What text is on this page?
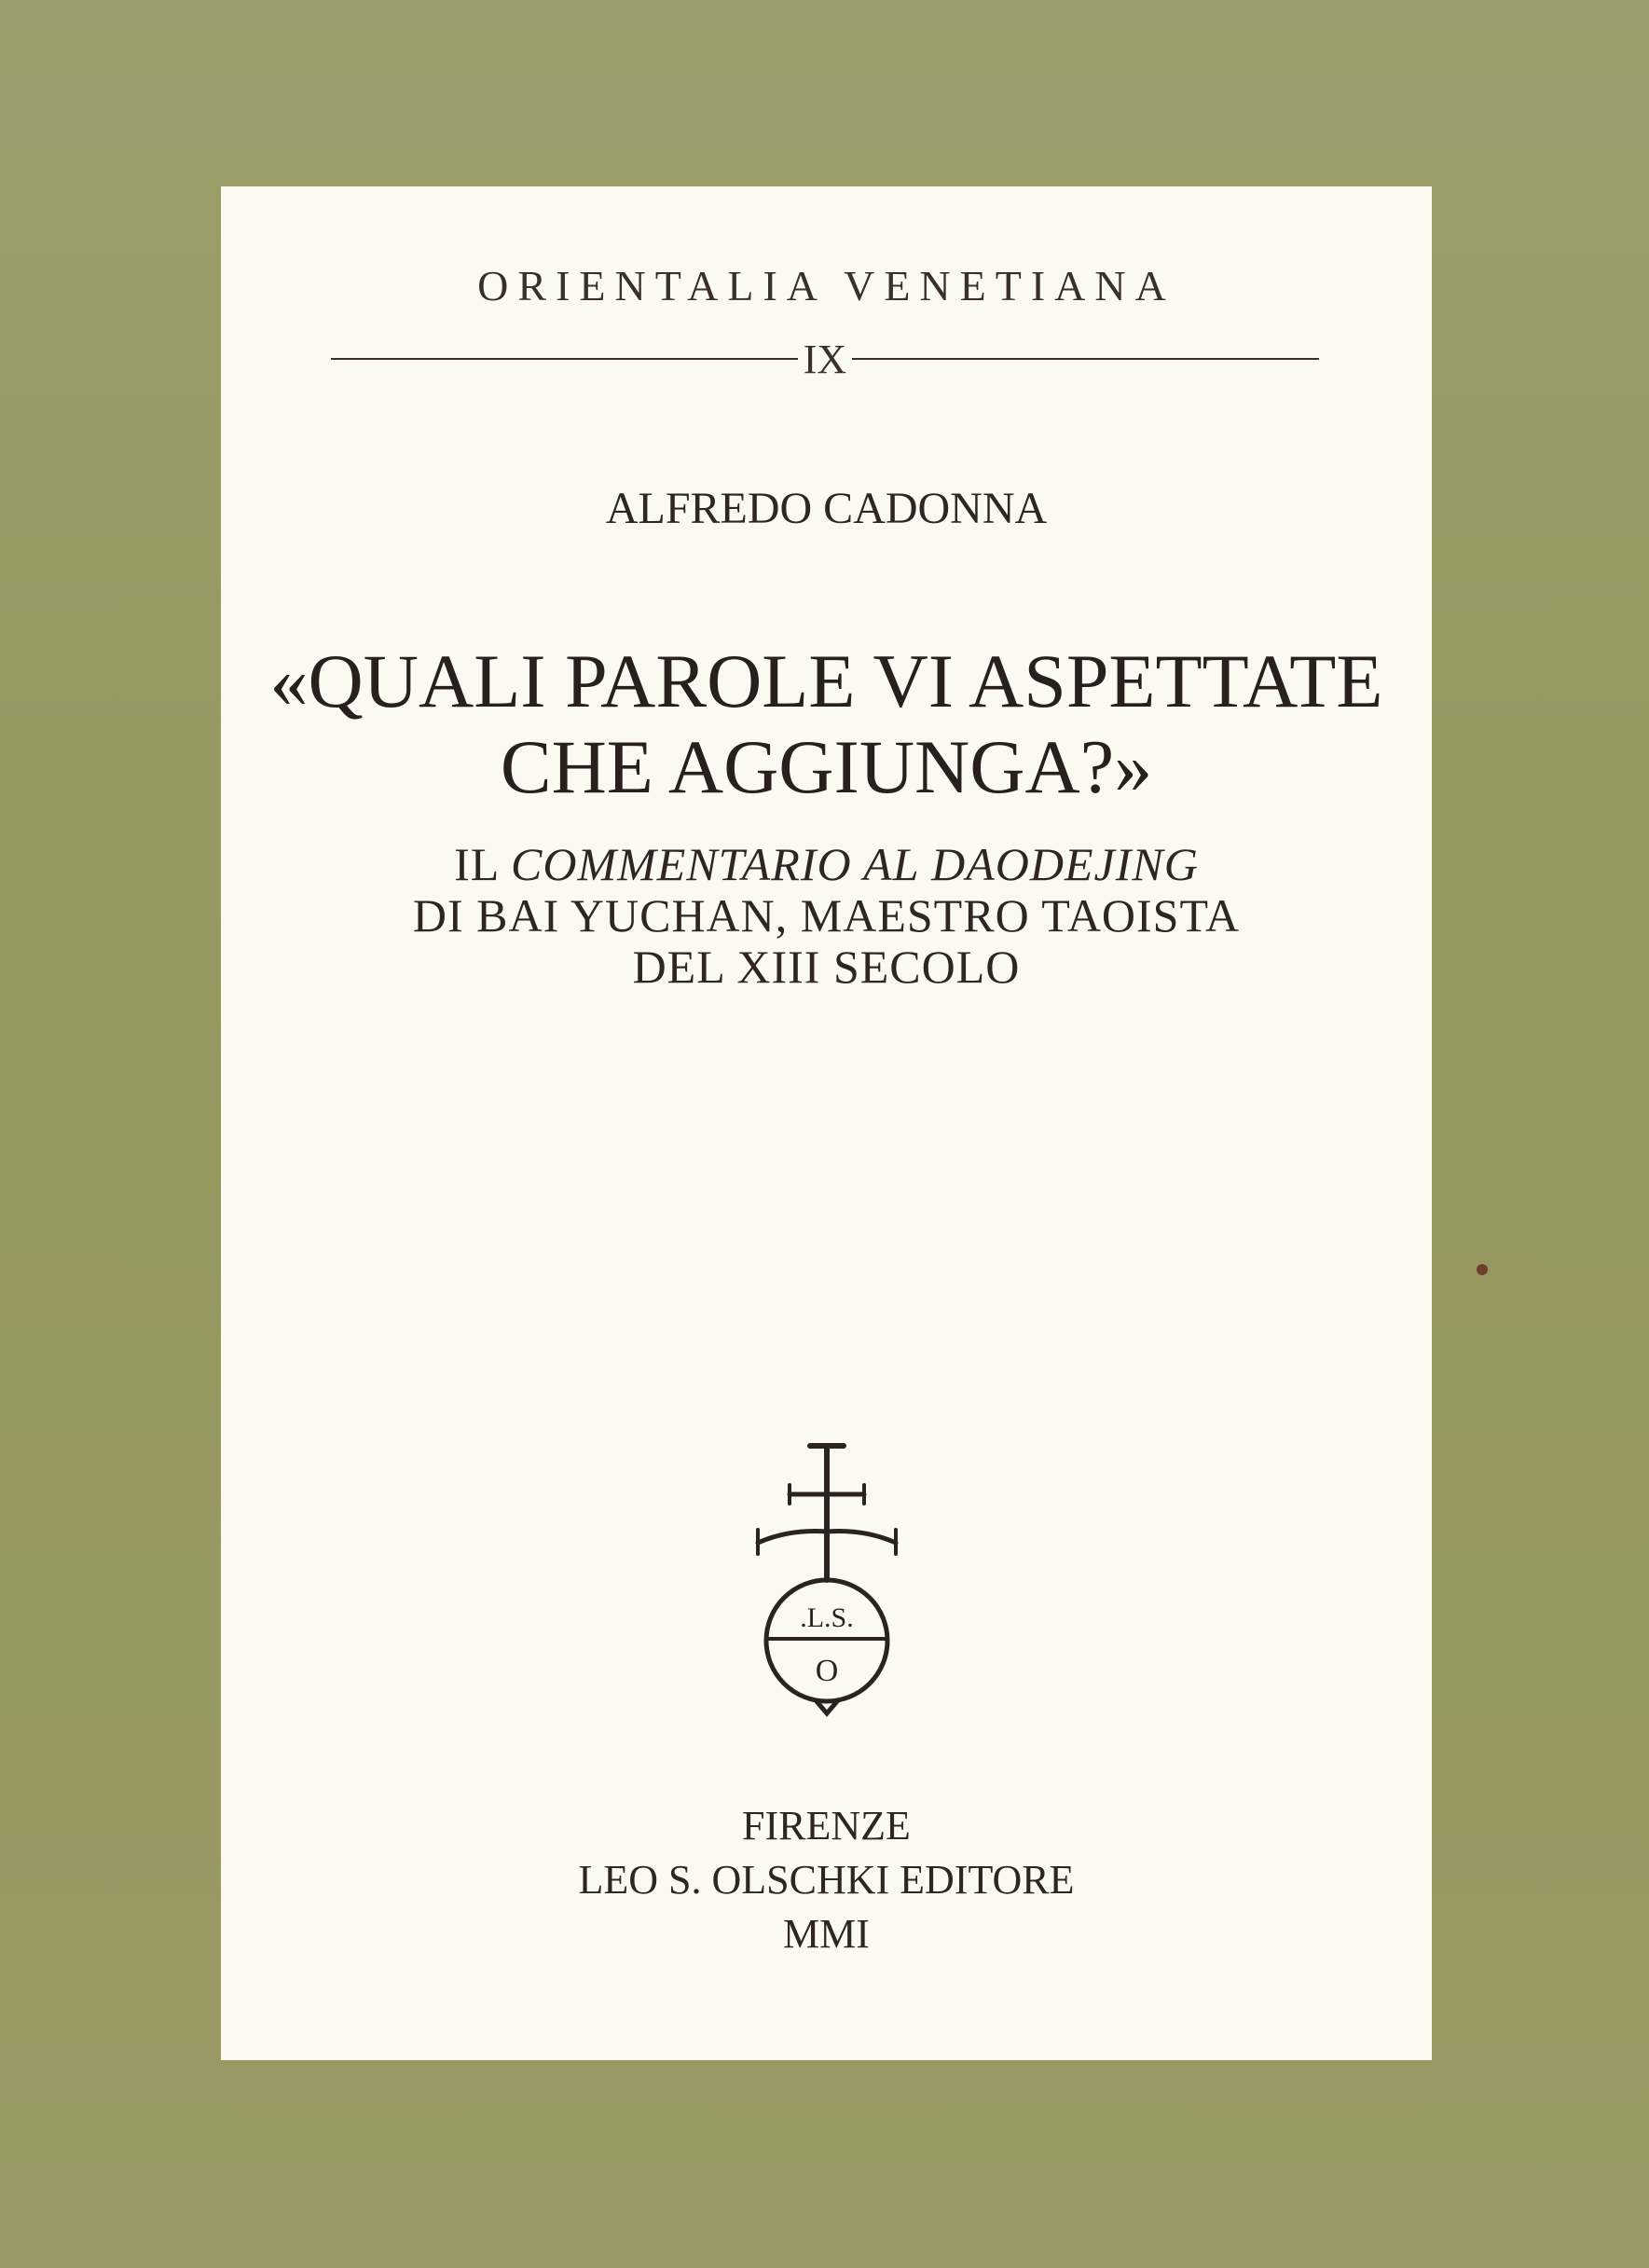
ORIENTALIA VENETIANA
IX
ALFREDO CADONNA
«QUALI PAROLE VI ASPETTATE
CHE AGGIUNGA?»
IL COMMENTARIO AL DAODEJING
DI BAI YUCHAN, MAESTRO TAOISTA
DEL XIII SECOLO
.L.S.
O
FIRENZE
LEO S. OLSCHKI EDITORE
MMI
